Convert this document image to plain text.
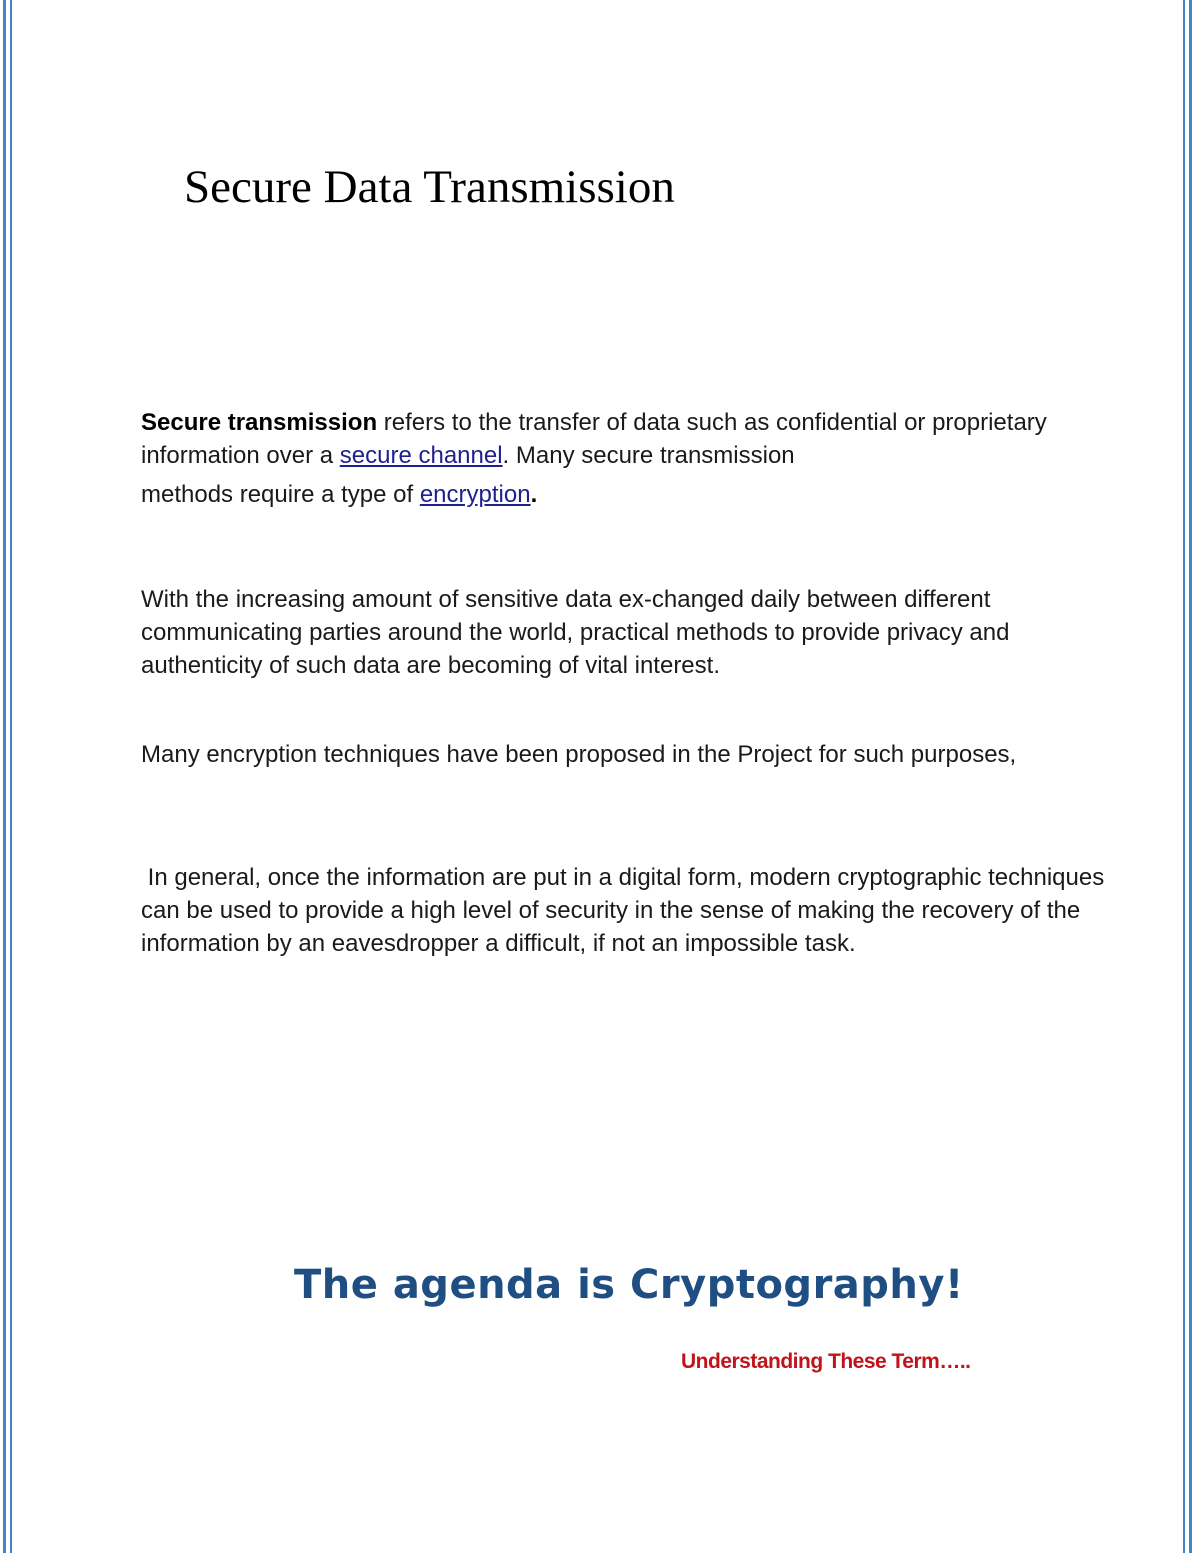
Secure Data Transmission

Secure transmission refers to the transfer of data such as confidential or proprietary information over a secure channel. Many secure transmission
methods require a type of encryption.

With the increasing amount of sensitive data ex-changed daily between different communicating parties around the world, practical methods to provide privacy and authenticity of such data are becoming of vital interest.

Many encryption techniques have been proposed in the Project for such purposes,

In general, once the information are put in a digital form, modern cryptographic techniques can be used to provide a high level of security in the sense of making the recovery of the information by an eavesdropper a difficult, if not an impossible task.

The agenda is Cryptography!

Understanding These Term…..
